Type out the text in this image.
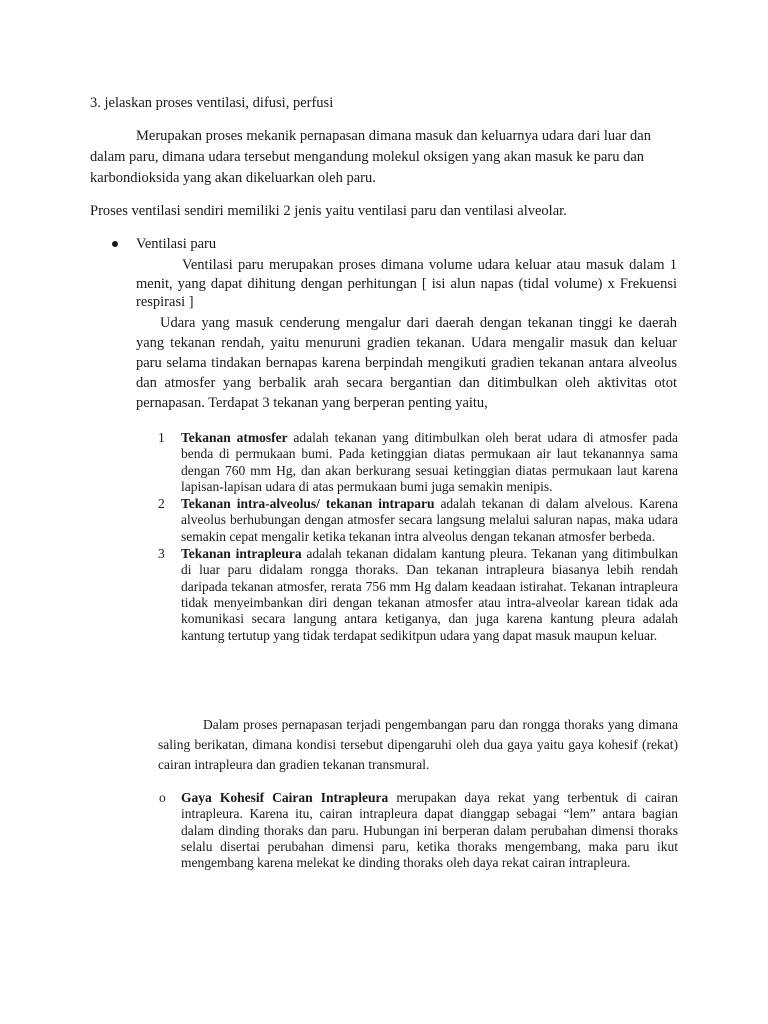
3. jelaskan proses ventilasi, difusi, perfusi
Merupakan proses mekanik pernapasan dimana masuk dan keluarnya udara dari luar dan
dalam paru, dimana udara tersebut mengandung molekul oksigen yang akan masuk ke paru dan
karbondioksida yang akan dikeluarkan oleh paru.
Proses ventilasi sendiri memiliki 2 jenis yaitu ventilasi paru dan ventilasi alveolar.
Ventilasi paru

Ventilasi paru merupakan proses dimana volume udara keluar atau masuk dalam 1 menit, yang dapat dihitung dengan perhitungan [ isi alun napas (tidal volume) x Frekuensi respirasi ]

Udara yang masuk cenderung mengalur dari daerah dengan tekanan tinggi ke daerah yang tekanan rendah, yaitu menuruni gradien tekanan. Udara mengalir masuk dan keluar paru selama tindakan bernapas karena berpindah mengikuti gradien tekanan antara alveolus dan atmosfer yang berbalik arah secara bergantian dan ditimbulkan oleh aktivitas otot pernapasan. Terdapat 3 tekanan yang berperan penting yaitu,

1 Tekanan atmosfer adalah tekanan yang ditimbulkan oleh berat udara di atmosfer pada benda di permukaan bumi. Pada ketinggian diatas permukaan air laut tekanannya sama dengan 760 mm Hg, dan akan berkurang sesuai ketinggian diatas permukaan laut karena lapisan-lapisan udara di atas permukaan bumi juga semakin menipis.
2 Tekanan intra-alveolus/ tekanan intraparu adalah tekanan di dalam alvelous. Karena alveolus berhubungan dengan atmosfer secara langsung melalui saluran napas, maka udara semakin cepat mengalir ketika tekanan intra alveolus dengan tekanan atmosfer berbeda.
3 Tekanan intrapleura adalah tekanan didalam kantung pleura. Tekanan yang ditimbulkan di luar paru didalam rongga thoraks. Dan tekanan intrapleura biasanya lebih rendah daripada tekanan atmosfer, rerata 756 mm Hg dalam keadaan istirahat. Tekanan intrapleura tidak menyeimbankan diri dengan tekanan atmosfer atau intra-alveolar karean tidak ada komunikasi secara langung antara ketiganya, dan juga karena kantung pleura adalah kantung tertutup yang tidak terdapat sedikitpun udara yang dapat masuk maupun keluar.
Dalam proses pernapasan terjadi pengembangan paru dan rongga thoraks yang dimana saling berikatan, dimana kondisi tersebut dipengaruhi oleh dua gaya yaitu gaya kohesif (rekat) cairan intrapleura dan gradien tekanan transmural.
o Gaya Kohesif Cairan Intrapleura merupakan daya rekat yang terbentuk di cairan intrapleura. Karena itu, cairan intrapleura dapat dianggap sebagai “lem” antara bagian dalam dinding thoraks dan paru. Hubungan ini berperan dalam perubahan dimensi thoraks selalu disertai perubahan dimensi paru, ketika thoraks mengembang, maka paru ikut mengembang karena melekat ke dinding thoraks oleh daya rekat cairan intrapleura.
